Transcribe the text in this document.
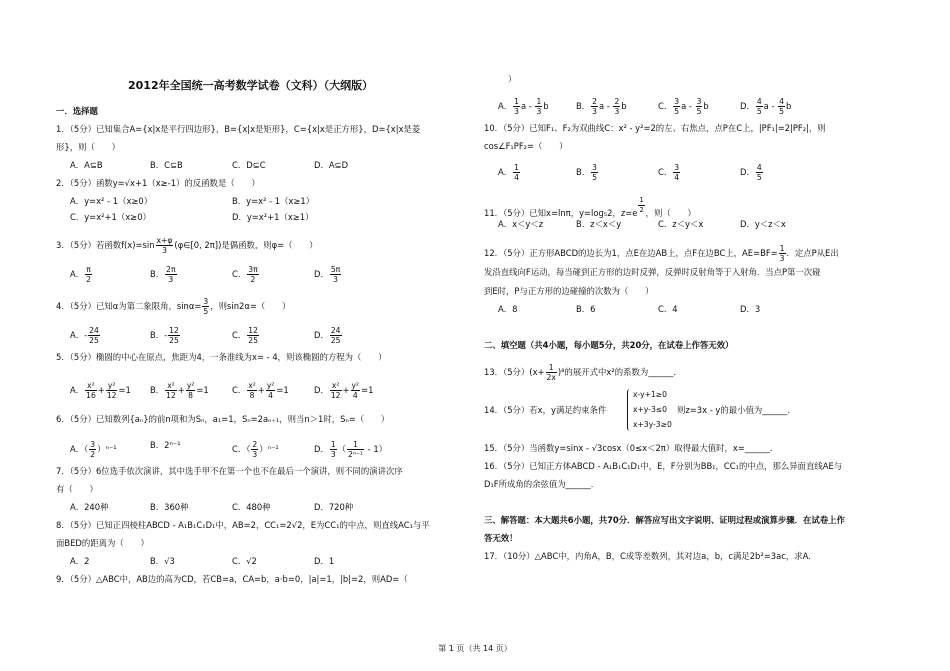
2012年全国统一高考数学试卷（文科）（大纲版）
一．选择题
1．（5分）已知集合A={x|x是平行四边形}，B={x|x是矩形}，C={x|x是正方形}，D={x|x是菱
形}，则（　　）
A．A⊆B	B．C⊆B	C．D⊆C	D．A⊆D
2．（5分）函数y=√x+1（x≥-1）的反函数是（　　）
A．y=x² - 1（x≥0）	B．y=x² - 1（x≥1）
C．y=x²+1（x≥0）	D．y=x²+1（x≥1）
3．（5分）若函数$f(x)=\sin \frac{x+\varphi}{3}$ (φ∈[0, 2π])是偶函数，则φ=（　　）
A． $\frac{\pi}{2}$	B． $\frac{2\pi}{3}$	C． $\frac{3\pi}{2}$	D． $\frac{5\pi}{3}$
4．（5分）已知α为第二象限角，$\sin\alpha= \frac{3}{5}$ ，则sin2α=（　　）
A．- $\frac{24}{25}$	B．- $\frac{12}{25}$	C． $\frac{12}{25}$	D． $\frac{24}{25}$
5．（5分）椭圆的中心在原点，焦距为4，一条准线为x= - 4，则该椭圆的方程为（　　）
A． $\frac{\text{x²}}{16} + \frac{\text{y²}}{12} =1$ B． $\frac{\text{x²}}{12} + \frac{\text{y²}}{8} =1$	C． $\frac{\text{x²}}{8} + \frac{\text{y²}}{4} =1$	D． $\frac{\text{x²}}{12} + \frac{\text{y²}}{4} =1$
6．（5分）已知数列{aₙ}的前n项和为Sₙ，a₁=1，Sₙ=2aₙ₊₁，则当n＞1时，Sₙ=（　　）
A．（ $\frac{3}{2} )^{n-1}$	B．2ⁿ⁻¹	C．（ $\frac{2}{3} )^{n-1}$	D． $\frac{1}{3}$ （ $\frac{1}{\text{2ⁿ⁻¹}} - 1$）
7．（5分）6位选手依次演讲，其中选手甲不在第一个也不在最后一个演讲，则不同的演讲次序
有（　　）
A．240种	B．360种	C．480种	D．720种
8．（5分）已知正四棱柱ABCD - A₁B₁C₁D₁中，AB=2，CC₁=2√2，E为CC₁的中点，则直线AC₁与平
面BED的距离为（　　）
A．2	B．√3	C．√2	D．1
9．（5分）△ABC中，AB边的高为CD，若CB=a，CA=b，a·b=0，|a|=1，|b|=2，则AD=（
）
A． $\frac{1}{3}$ a - $\frac{1}{3}$ b	B． $\frac{2}{3}$ a - $\frac{2}{3}$ b	C． $\frac{3}{5}$ a - $\frac{3}{5}$ b	D． $\frac{4}{5}$ a - $\frac{4}{5}$ b
10．（5分）已知F₁、F₂为双曲线C：x² - y²=2的左、右焦点，点P在C上，|PF₁|=2|PF₂|，则
cos∠F₁PF₂=（　　）
A． $\frac{1}{4}$	B． $\frac{3}{5}$	C． $\frac{3}{4}$	D． $\frac{4}{5}$
11．（5分）已知x=lnπ，y=log₅2，$z=e \frac{1}{2}$ ，则（　　）
A．x＜y＜z	B．z＜x＜y	C．z＜y＜x	D．y＜z＜x
12．（5分）正方形ABCD的边长为1，点E在边AB上，点F在边BC上，$AE=BF= \frac{1}{3}$ ．定点P从E出
发沿直线向F运动，每当碰到正方形的边时反弹，反弹时反射角等于入射角．当点P第一次碰
到E时，P与正方形的边碰撞的次数为（　　）
A．8	B．6	C．4	D．3
二、填空题（共4小题，每小题5分，共20分，在试卷上作答无效）
13．（5分）$(x+ \frac{1}{2x} )^8$的展开式中x²的系数为______．
14．（5分）若x，y满足约束条件
x-y+1≥0
x+y-3≤0
x+3y-3≥0
则z=3x - y的最小值为______．
15．（5分）当函数y=sinx - √3cosx（0≤x＜2π）取得最大值时，x=______．
16．（5分）已知正方体ABCD - A₁B₁C₁D₁中，E，F分别为BB₁，CC₁的中点，那么异面直线AE与
D₁F所成角的余弦值为______．
三、解答题：本大题共6小题，共70分．解答应写出文字说明、证明过程或演算步骤．在试卷上作
答无效！
17．（10分）△ABC中，内角A，B，C成等差数列，其对边a，b，c满足2b²=3ac，求A．
第 1 页（共 14 页）
